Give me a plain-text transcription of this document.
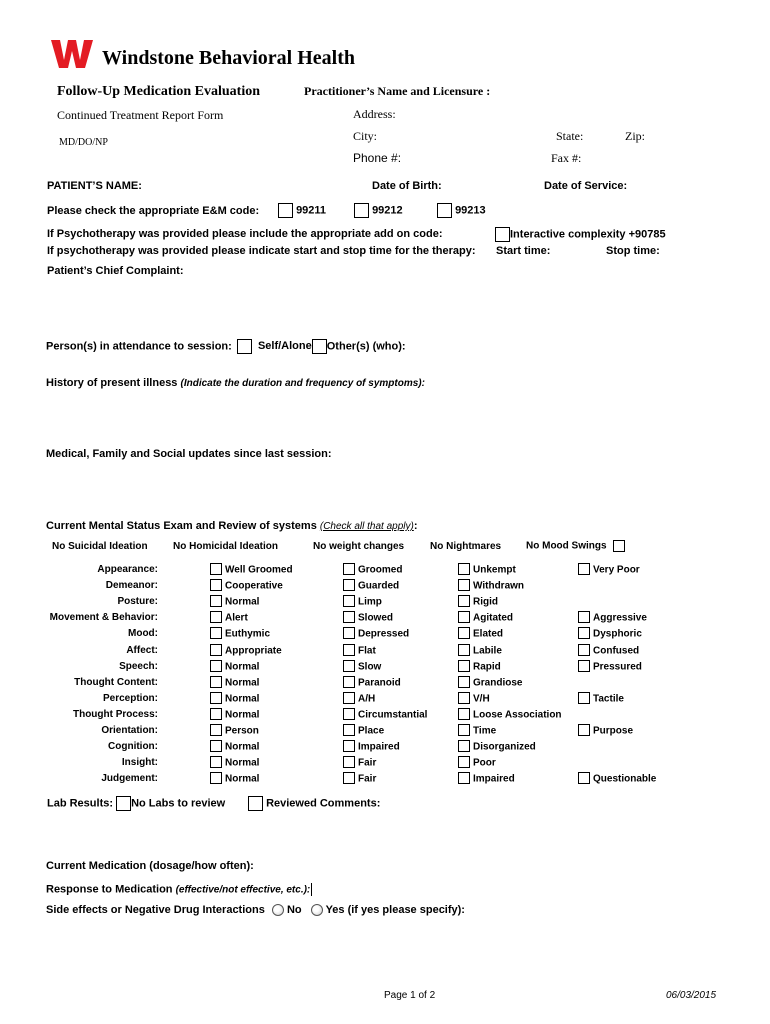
Windstone Behavioral Health
Follow-Up Medication Evaluation
Continued Treatment Report Form
MD/DO/NP
Practitioner’s Name and Licensure :
Address:
City:	State:	Zip:
Phone #:	Fax #:
PATIENT’S NAME:	Date of Birth:	Date of Service:
Please check the appropriate E&M code:	99211	99212	99213
If Psychotherapy was provided please include the appropriate add on code:	Interactive complexity +90785
If psychotherapy was provided please indicate start and stop time for the therapy: Start time:	Stop time:
Patient’s Chief Complaint:
Person(s) in attendance to session: Self/Alone Other(s) (who):
History of present illness (Indicate the duration and frequency of symptoms):
Medical, Family and Social updates since last session:
Current Mental Status Exam and Review of systems (Check all that apply):
No Suicidal Ideation	No Homicidal Ideation	No weight changes	No Nightmares No Mood Swings
Appearance:	Well Groomed	Groomed	Unkempt	Very Poor
Demeanor:	Cooperative	Guarded	Withdrawn
Posture:	Normal	Limp	Rigid
Movement & Behavior:	Alert	Slowed	Agitated	Aggressive
Mood:	Euthymic	Depressed	Elated	Dysphoric
Affect:	Appropriate	Flat	Labile	Confused
Speech:	Normal	Slow	Rapid	Pressured
Thought Content:	Normal	Paranoid	Grandiose
Perception:	Normal	A/H	V/H	Tactile
Thought Process:	Normal	Circumstantial	Loose Association
Orientation:	Person	Place	Time	Purpose
Cognition:	Normal	Impaired	Disorganized
Insight:	Normal	Fair	Poor
Judgement:	Normal	Fair	Impaired	Questionable
Lab Results: No Labs to review	Reviewed Comments:
Current Medication (dosage/how often):
Response to Medication (effective/not effective, etc.):
Side effects or Negative Drug Interactions No Yes (if yes please specify):
Page 1 of 2	06/03/2015
